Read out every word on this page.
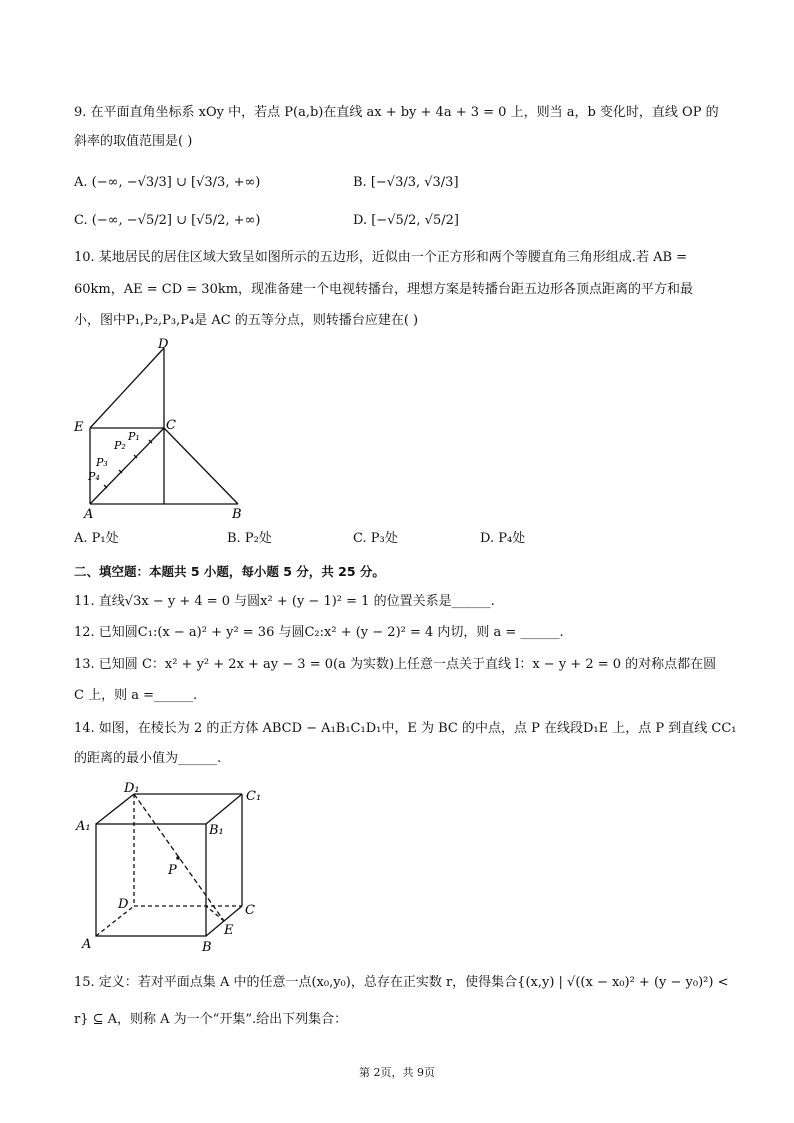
9. 在平面直角坐标系 xOy 中，若点 P(a,b)在直线 ax + by + 4a + 3 = 0 上，则当 a，b 变化时，直线 OP 的
斜率的取值范围是( )
A. (−∞, −√3/3] ∪ [√3/3, +∞)	B. [−√3/3, √3/3]
C. (−∞, −√5/2] ∪ [√5/2, +∞)	D. [−√5/2, √5/2]
10. 某地居民的居住区域大致呈如图所示的五边形，近似由一个正方形和两个等腰直角三角形组成.若 AB =
60km，AE = CD = 30km，现准备建一个电视转播台，理想方案是转播台距五边形各顶点距离的平方和最
小，图中P₁,P₂,P₃,P₄是 AC 的五等分点，则转播台应建在( )
D
E	C
A	B
P₁
P₂
P₃
P₄
A. P₁处	B. P₂处	C. P₃处	D. P₄处
二、填空题：本题共 5 小题，每小题 5 分，共 25 分。
11. 直线√3x − y + 4 = 0 与圆x² + (y − 1)² = 1 的位置关系是______.
12. 已知圆C₁:(x − a)² + y² = 36 与圆C₂:x² + (y − 2)² = 4 内切，则 a = ______.
13. 已知圆 C：x² + y² + 2x + ay − 3 = 0(a 为实数)上任意一点关于直线 l：x − y + 2 = 0 的对称点都在圆
C 上，则 a =______.
14. 如图，在棱长为 2 的正方体 ABCD − A₁B₁C₁D₁中，E 为 BC 的中点，点 P 在线段D₁E 上，点 P 到直线 CC₁
的距离的最小值为______.
D₁
C₁
A₁	B₁
P
D	C
A	B
E
15. 定义：若对平面点集 A 中的任意一点(x₀,y₀)，总存在正实数 r，使得集合{(x,y) | √((x − x₀)² + (y − y₀)²) <
r} ⊆ A，则称 A 为一个“开集”.给出下列集合：
第 2页，共 9页
